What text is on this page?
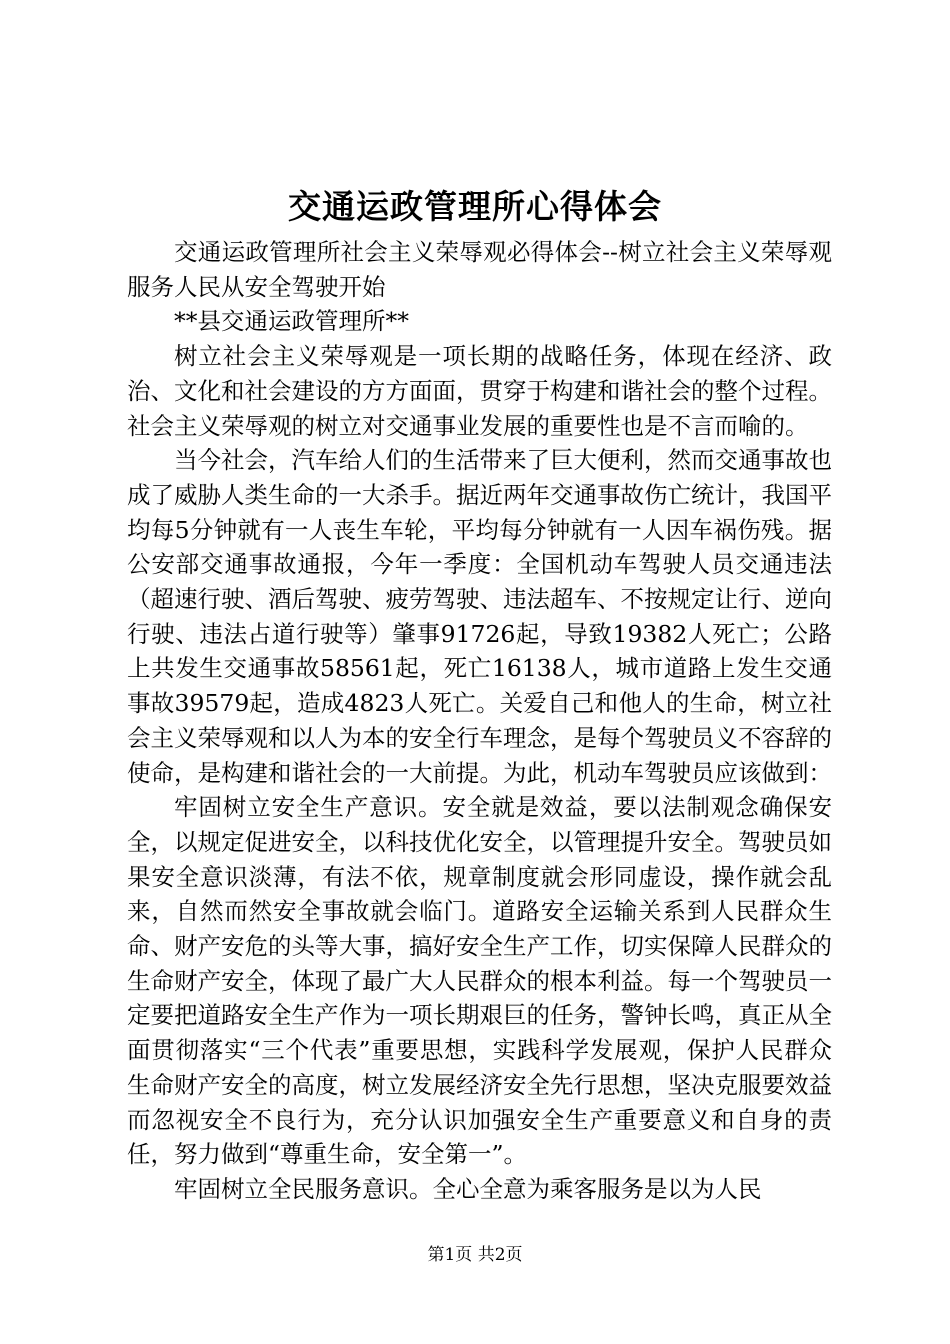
交通运政管理所心得体会

交通运政管理所社会主义荣辱观必得体会--树立社会主义荣辱观服务人民从安全驾驶开始

**县交通运政管理所**

树立社会主义荣辱观是一项长期的战略任务，体现在经济、政治、文化和社会建设的方方面面，贯穿于构建和谐社会的整个过程。社会主义荣辱观的树立对交通事业发展的重要性也是不言而喻的。

当今社会，汽车给人们的生活带来了巨大便利，然而交通事故也成了威胁人类生命的一大杀手。据近两年交通事故伤亡统计，我国平均每5分钟就有一人丧生车轮，平均每分钟就有一人因车祸伤残。据公安部交通事故通报，今年一季度：全国机动车驾驶人员交通违法（超速行驶、酒后驾驶、疲劳驾驶、违法超车、不按规定让行、逆向行驶、违法占道行驶等）肇事91726起，导致19382人死亡；公路上共发生交通事故58561起，死亡16138人，城市道路上发生交通事故39579起，造成4823人死亡。关爱自己和他人的生命，树立社会主义荣辱观和以人为本的安全行车理念，是每个驾驶员义不容辞的使命，是构建和谐社会的一大前提。为此，机动车驾驶员应该做到：

牢固树立安全生产意识。安全就是效益，要以法制观念确保安全，以规定促进安全，以科技优化安全，以管理提升安全。驾驶员如果安全意识淡薄，有法不依，规章制度就会形同虚设，操作就会乱来，自然而然安全事故就会临门。道路安全运输关系到人民群众生命、财产安危的头等大事，搞好安全生产工作，切实保障人民群众的生命财产安全，体现了最广大人民群众的根本利益。每一个驾驶员一定要把道路安全生产作为一项长期艰巨的任务，警钟长鸣，真正从全面贯彻落实“三个代表”重要思想，实践科学发展观，保护人民群众生命财产安全的高度，树立发展经济安全先行思想，坚决克服要效益而忽视安全不良行为，充分认识加强安全生产重要意义和自身的责任，努力做到“尊重生命，安全第一”。

牢固树立全民服务意识。全心全意为乘客服务是以为人民

第1页 共2页
